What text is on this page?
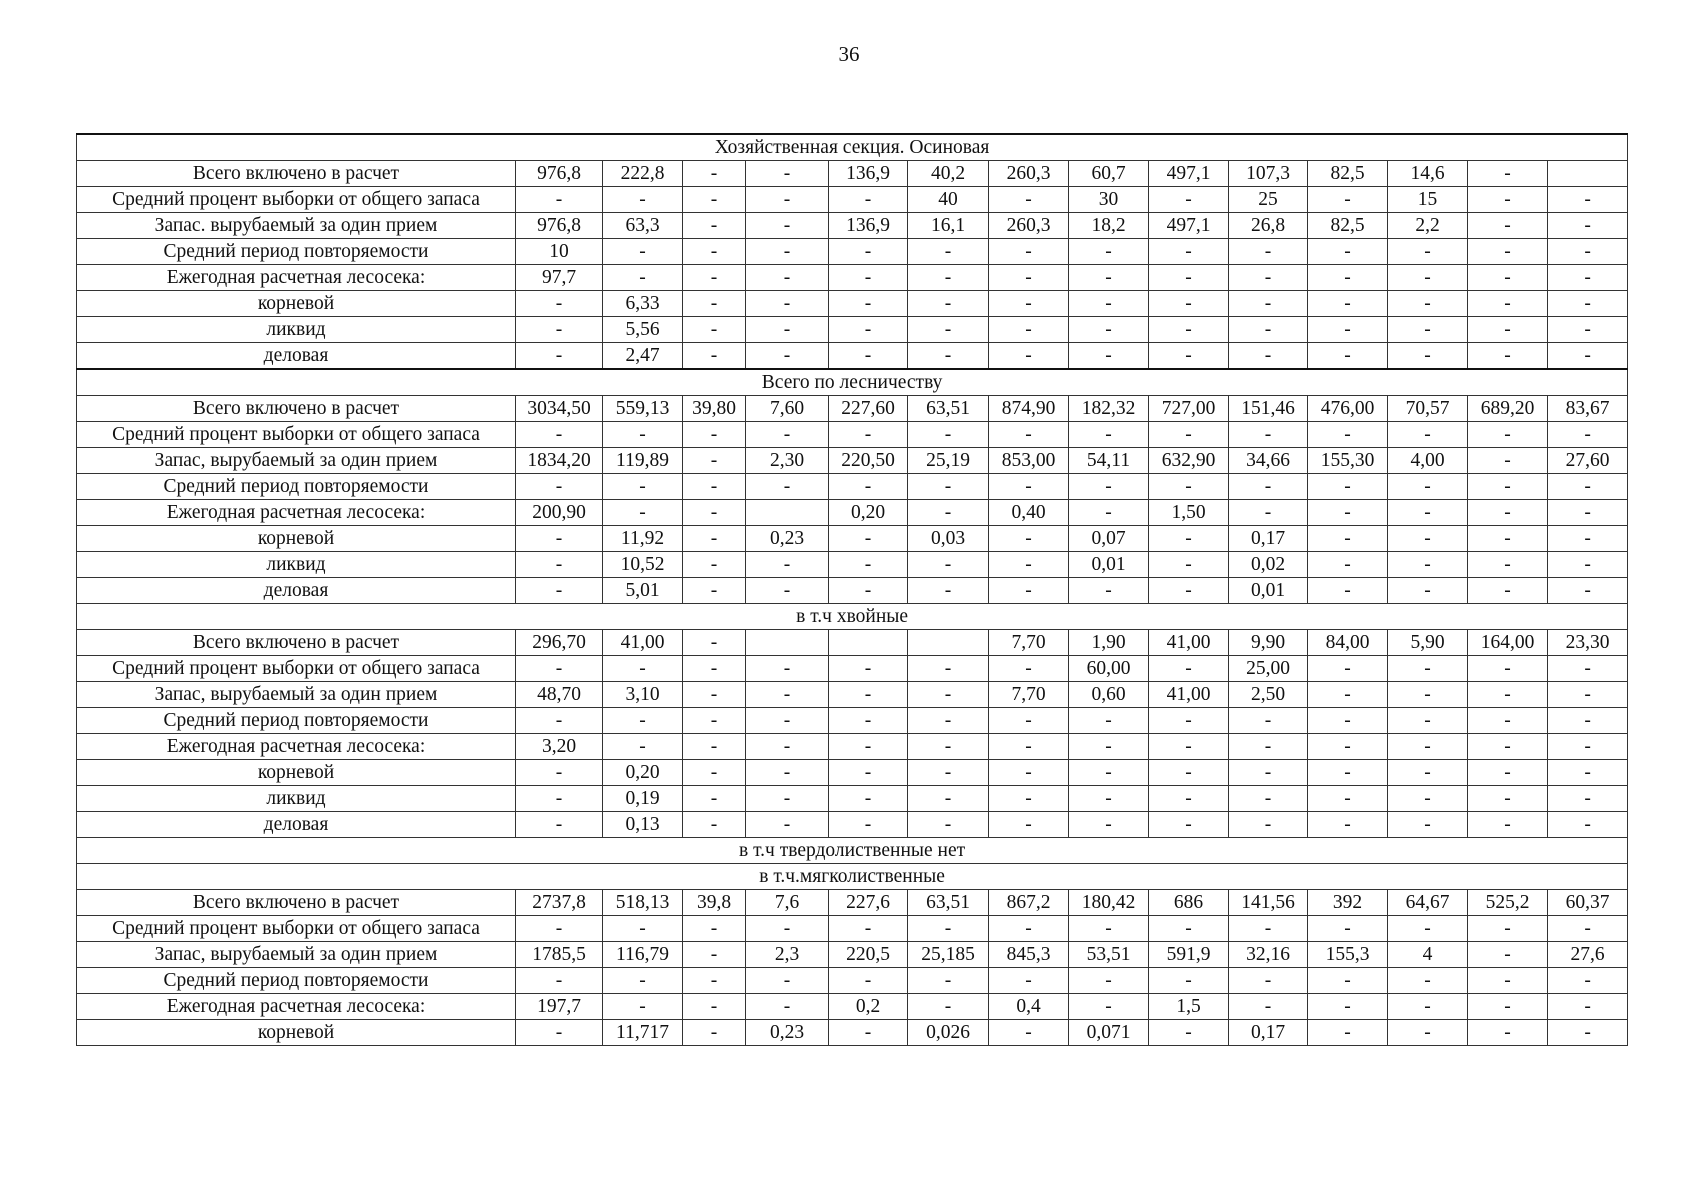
36
Хозяйственная секция. Осиновая														
Всего включено в расчет	976,8	222,8	-	-	136,9	40,2	260,3	60,7	497,1	107,3	82,5	14,6	-	
Средний процент выборки от общего запаса	-	-	-	-	-	40	-	30	-	25	-	15	-	-
Запас. вырубаемый за один прием	976,8	63,3	-	-	136,9	16,1	260,3	18,2	497,1	26,8	82,5	2,2	-	-
Средний период повторяемости	10	-	-	-	-	-	-	-	-	-	-	-	-	-
Ежегодная расчетная лесосека:	97,7	-	-	-	-	-	-	-	-	-	-	-	-	-
корневой	-	6,33	-	-	-	-	-	-	-	-	-	-	-	-
ликвид	-	5,56	-	-	-	-	-	-	-	-	-	-	-	-
деловая	-	2,47	-	-	-	-	-	-	-	-	-	-	-	-
Всего по лесничеству														
Всего включено в расчет	3034,50	559,13	39,80	7,60	227,60	63,51	874,90	182,32	727,00	151,46	476,00	70,57	689,20	83,67
Средний процент выборки от общего запаса	-	-	-	-	-	-	-	-	-	-	-	-	-	-
Запас, вырубаемый за один прием	1834,20	119,89	-	2,30	220,50	25,19	853,00	54,11	632,90	34,66	155,30	4,00	-	27,60
Средний период повторяемости	-	-	-	-	-	-	-	-	-	-	-	-	-	-
Ежегодная расчетная лесосека:	200,90	-	-		0,20	-	0,40	-	1,50	-	-	-	-	-
корневой	-	11,92	-	0,23	-	0,03	-	0,07	-	0,17	-	-	-	-
ликвид	-	10,52	-	-	-	-	-	0,01	-	0,02	-	-	-	-
деловая	-	5,01	-	-	-	-	-	-	-	0,01	-	-	-	-
в т.ч хвойные														
Всего включено в расчет	296,70	41,00	-				7,70	1,90	41,00	9,90	84,00	5,90	164,00	23,30
Средний процент выборки от общего запаса	-	-	-	-	-	-	-	60,00	-	25,00	-	-	-	-
Запас, вырубаемый за один прием	48,70	3,10	-	-	-	-	7,70	0,60	41,00	2,50	-	-	-	-
Средний период повторяемости	-	-	-	-	-	-	-	-	-	-	-	-	-	-
Ежегодная расчетная лесосека:	3,20	-	-	-	-	-	-	-	-	-	-	-	-	-
корневой	-	0,20	-	-	-	-	-	-	-	-	-	-	-	-
ликвид	-	0,19	-	-	-	-	-	-	-	-	-	-	-	-
деловая	-	0,13	-	-	-	-	-	-	-	-	-	-	-	-
в т.ч твердолиственные нет														
в т.ч.мягколиственные														
Всего включено в расчет	2737,8	518,13	39,8	7,6	227,6	63,51	867,2	180,42	686	141,56	392	64,67	525,2	60,37
Средний процент выборки от общего запаса	-	-	-	-	-	-	-	-	-	-	-	-	-	-
Запас, вырубаемый за один прием	1785,5	116,79	-	2,3	220,5	25,185	845,3	53,51	591,9	32,16	155,3	4	-	27,6
Средний период повторяемости	-	-	-	-	-	-	-	-	-	-	-	-	-	-
Ежегодная расчетная лесосека:	197,7	-	-	-	0,2	-	0,4	-	1,5	-	-	-	-	-
корневой	-	11,717	-	0,23	-	0,026	-	0,071	-	0,17	-	-	-	-
